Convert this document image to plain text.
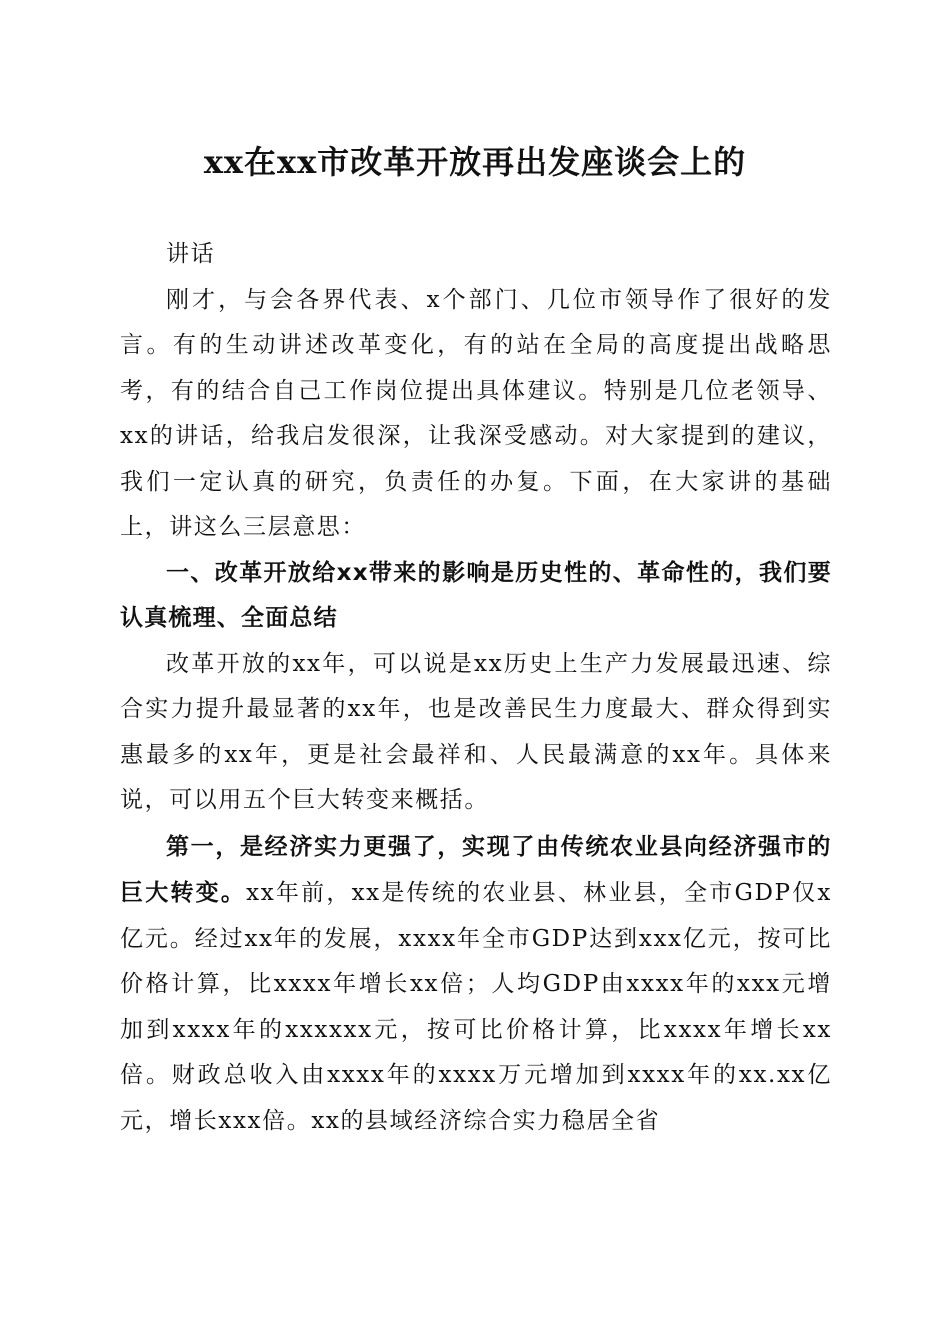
xx在xx市改革开放再出发座谈会上的

讲话

刚才，与会各界代表、x个部门、几位市领导作了很好的发言。有的生动讲述改革变化，有的站在全局的高度提出战略思考，有的结合自己工作岗位提出具体建议。特别是几位老领导、xx的讲话，给我启发很深，让我深受感动。对大家提到的建议，我们一定认真的研究，负责任的办复。下面，在大家讲的基础上，讲这么三层意思：

一、改革开放给xx带来的影响是历史性的、革命性的，我们要认真梳理、全面总结

改革开放的xx年，可以说是xx历史上生产力发展最迅速、综合实力提升最显著的xx年，也是改善民生力度最大、群众得到实惠最多的xx年，更是社会最祥和、人民最满意的xx年。具体来说，可以用五个巨大转变来概括。

第一，是经济实力更强了，实现了由传统农业县向经济强市的巨大转变。xx年前，xx是传统的农业县、林业县，全市GDP仅x亿元。经过xx年的发展，xxxx年全市GDP达到xxx亿元，按可比价格计算，比xxxx年增长xx倍；人均GDP由xxxx年的xxx元增加到xxxx年的xxxxxx元，按可比价格计算，比xxxx年增长xx倍。财政总收入由xxxx年的xxxx万元增加到xxxx年的xx.xx亿元，增长xxx倍。xx的县域经济综合实力稳居全省
